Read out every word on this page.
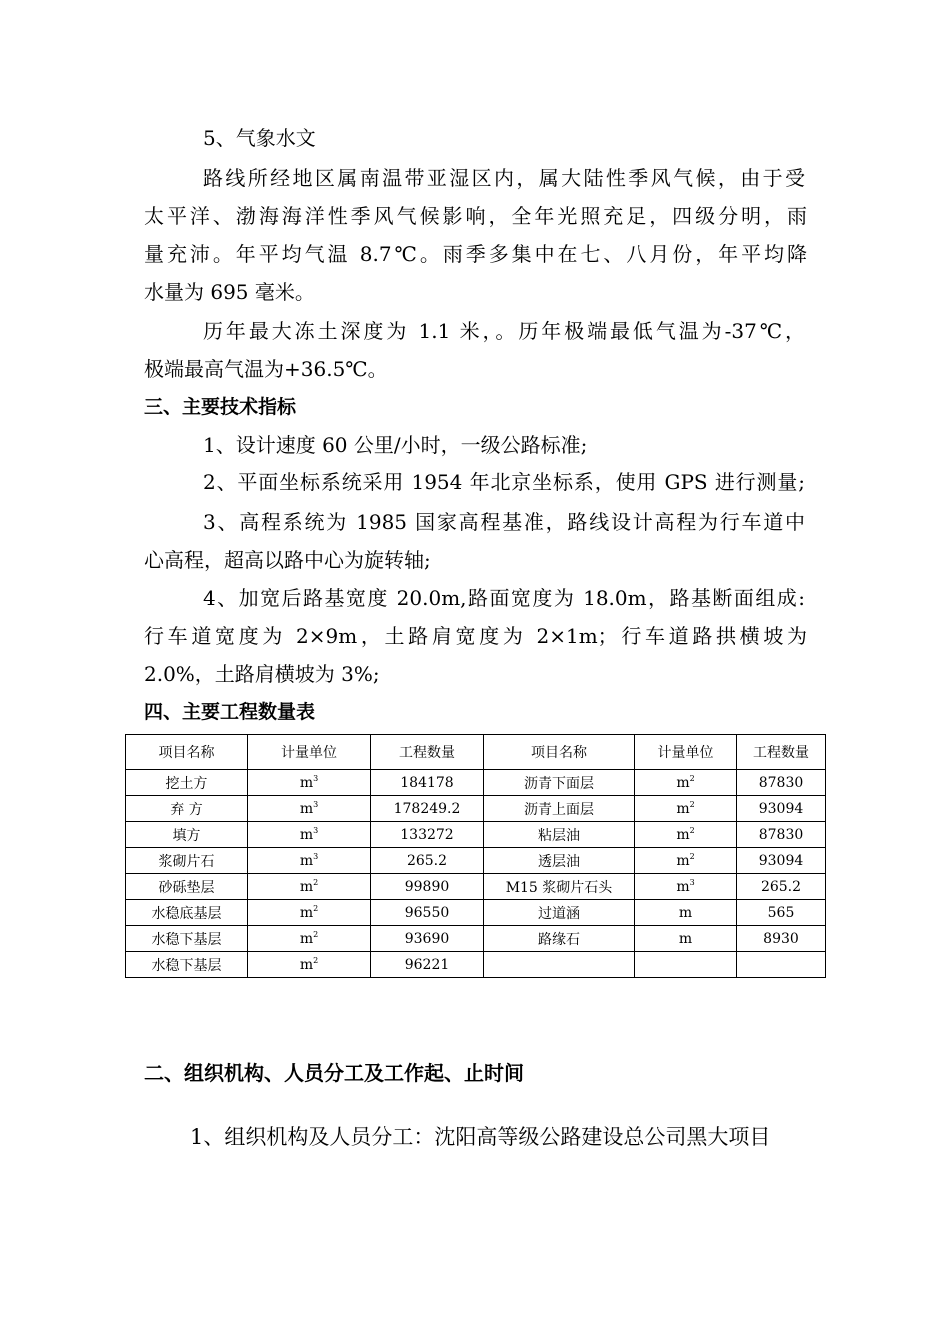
5、气象水文
路线所经地区属南温带亚湿区内，属大陆性季风气候，由于受
太平洋、渤海海洋性季风气候影响，全年光照充足，四级分明，雨
量充沛。年平均气温 8.7℃。雨季多集中在七、八月份，年平均降
水量为 695 毫米。
历年最大冻土深度为 1.1 米，。历年极端最低气温为-37℃，
极端最高气温为+36.5℃。
三、主要技术指标
1、设计速度 60 公里/小时，一级公路标准;
2、平面坐标系统采用 1954 年北京坐标系，使用 GPS 进行测量;
3、高程系统为 1985 国家高程基准，路线设计高程为行车道中
心高程，超高以路中心为旋转轴;
4、加宽后路基宽度 20.0m,路面宽度为 18.0m，路基断面组成:
行车道宽度为 2×9m，土路肩宽度为 2×1m；行车道路拱横坡为
2.0%，土路肩横坡为 3%;
四、主要工程数量表
项目名称	计量单位	工程数量	项目名称	计量单位	工程数量
挖土方	$m^3$	184178	沥青下面层	$m^2$	87830
弃 方	$m^3$	178249.2	沥青上面层	$m^2$	93094
填方	$m^3$	133272	粘层油	$m^2$	87830
浆砌片石	$m^3$	265.2	透层油	$m^2$	93094
砂砾垫层	$m^2$	99890	M15 浆砌片石头	$m^3$	265.2
水稳底基层	$m^2$	96550	过道涵	m	565
水稳下基层	$m^2$	93690	路缘石	m	8930
水稳下基层	$m^2$	96221			
二、组织机构、人员分工及工作起、止时间
1、组织机构及人员分工：沈阳高等级公路建设总公司黑大项目
